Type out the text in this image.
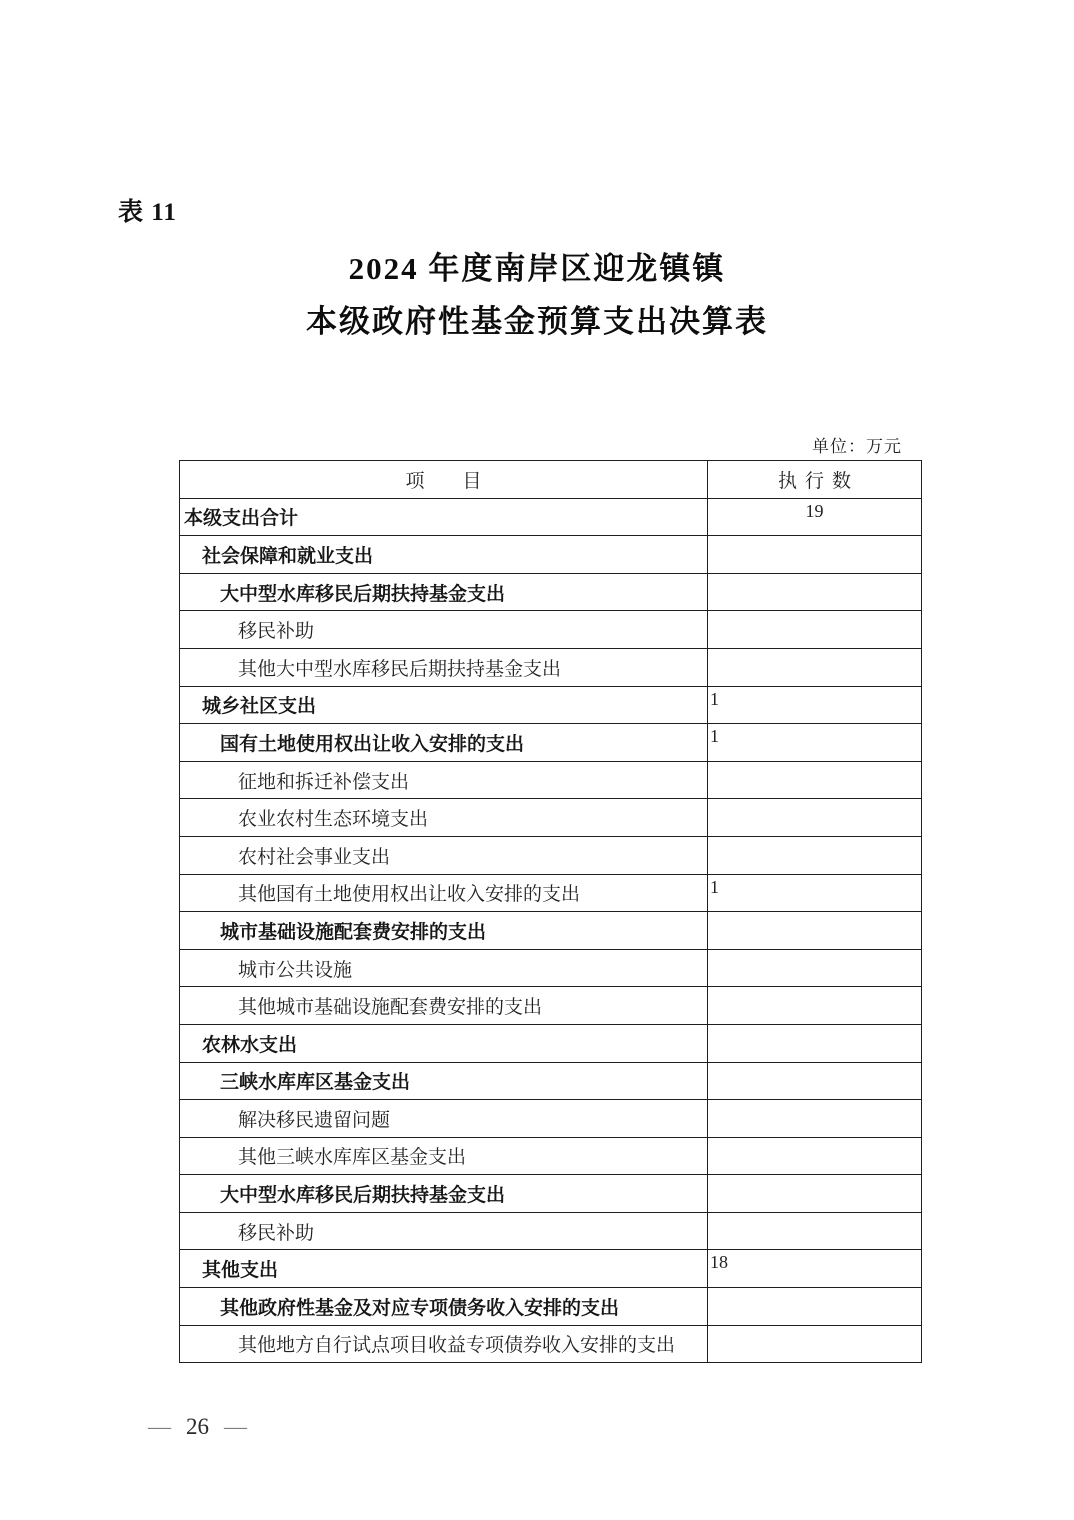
表 11
2024 年度南岸区迎龙镇镇
本级政府性基金预算支出决算表
单位：万元
项　　目	执行数
本级支出合计	19
社会保障和就业支出	
大中型水库移民后期扶持基金支出	
移民补助	
其他大中型水库移民后期扶持基金支出	
城乡社区支出	1
国有土地使用权出让收入安排的支出	1
征地和拆迁补偿支出	
农业农村生态环境支出	
农村社会事业支出	
其他国有土地使用权出让收入安排的支出	1
城市基础设施配套费安排的支出	
城市公共设施	
其他城市基础设施配套费安排的支出	
农林水支出	
三峡水库库区基金支出	
解决移民遗留问题	
其他三峡水库库区基金支出	
大中型水库移民后期扶持基金支出	
移民补助	
其他支出	18
其他政府性基金及对应专项债务收入安排的支出	
其他地方自行试点项目收益专项债券收入安排的支出	
— 26 —
